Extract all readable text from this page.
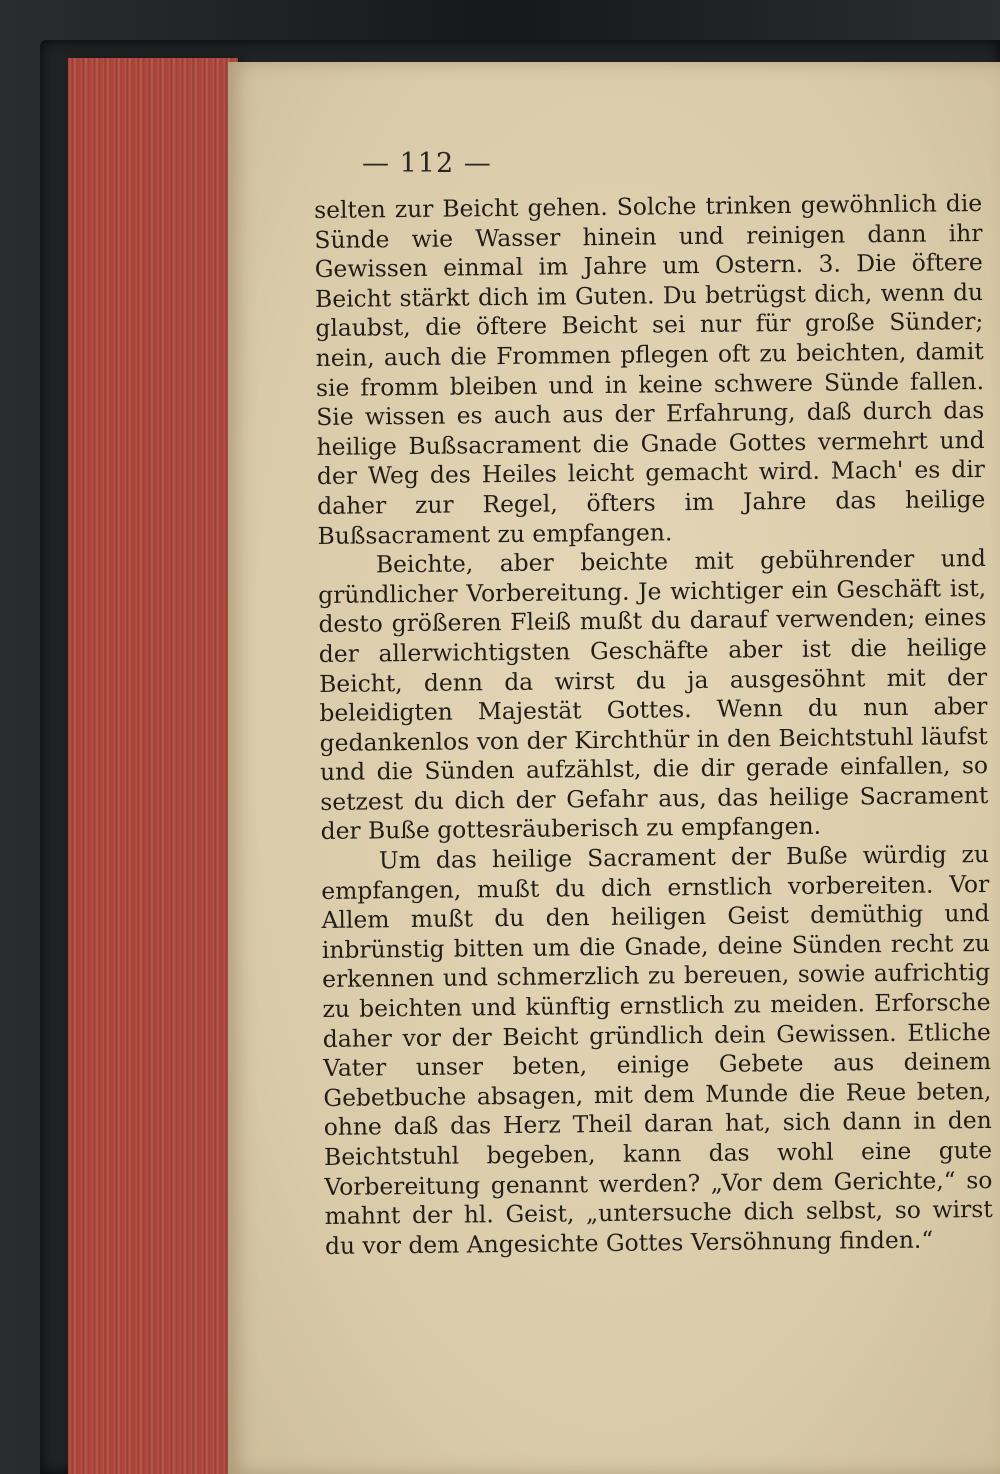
— 112 —

selten zur Beicht gehen. Solche trinken gewöhnlich die Sünde wie Wasser hinein und reinigen dann ihr Gewissen einmal im Jahre um Ostern. 3. Die öftere Beicht stärkt dich im Guten. Du betrügst dich, wenn du glaubst, die öftere Beicht sei nur für große Sünder; nein, auch die Frommen pflegen oft zu beichten, damit sie fromm bleiben und in keine schwere Sünde fallen. Sie wissen es auch aus der Erfahrung, daß durch das heilige Bußsacrament die Gnade Gottes vermehrt und der Weg des Heiles leicht gemacht wird. Mach' es dir daher zur Regel, öfters im Jahre das heilige Bußsacrament zu empfangen.

Beichte, aber beichte mit gebührender und gründlicher Vorbereitung. Je wichtiger ein Geschäft ist, desto größeren Fleiß mußt du darauf verwenden; eines der allerwichtigsten Geschäfte aber ist die heilige Beicht, denn da wirst du ja ausgesöhnt mit der beleidigten Majestät Gottes. Wenn du nun aber gedankenlos von der Kirchthür in den Beichtstuhl läufst und die Sünden aufzählst, die dir gerade einfallen, so setzest du dich der Gefahr aus, das heilige Sacrament der Buße gottesräuberisch zu empfangen.

Um das heilige Sacrament der Buße würdig zu empfangen, mußt du dich ernstlich vorbereiten. Vor Allem mußt du den heiligen Geist demüthig und inbrünstig bitten um die Gnade, deine Sünden recht zu erkennen und schmerzlich zu bereuen, sowie aufrichtig zu beichten und künftig ernstlich zu meiden. Erforsche daher vor der Beicht gründlich dein Gewissen. Etliche Vater unser beten, einige Gebete aus deinem Gebetbuche absagen, mit dem Munde die Reue beten, ohne daß das Herz Theil daran hat, sich dann in den Beichtstuhl begeben, kann das wohl eine gute Vorbereitung genannt werden? „Vor dem Gerichte,“ so mahnt der hl. Geist, „untersuche dich selbst, so wirst du vor dem Angesichte Gottes Versöhnung finden.“
